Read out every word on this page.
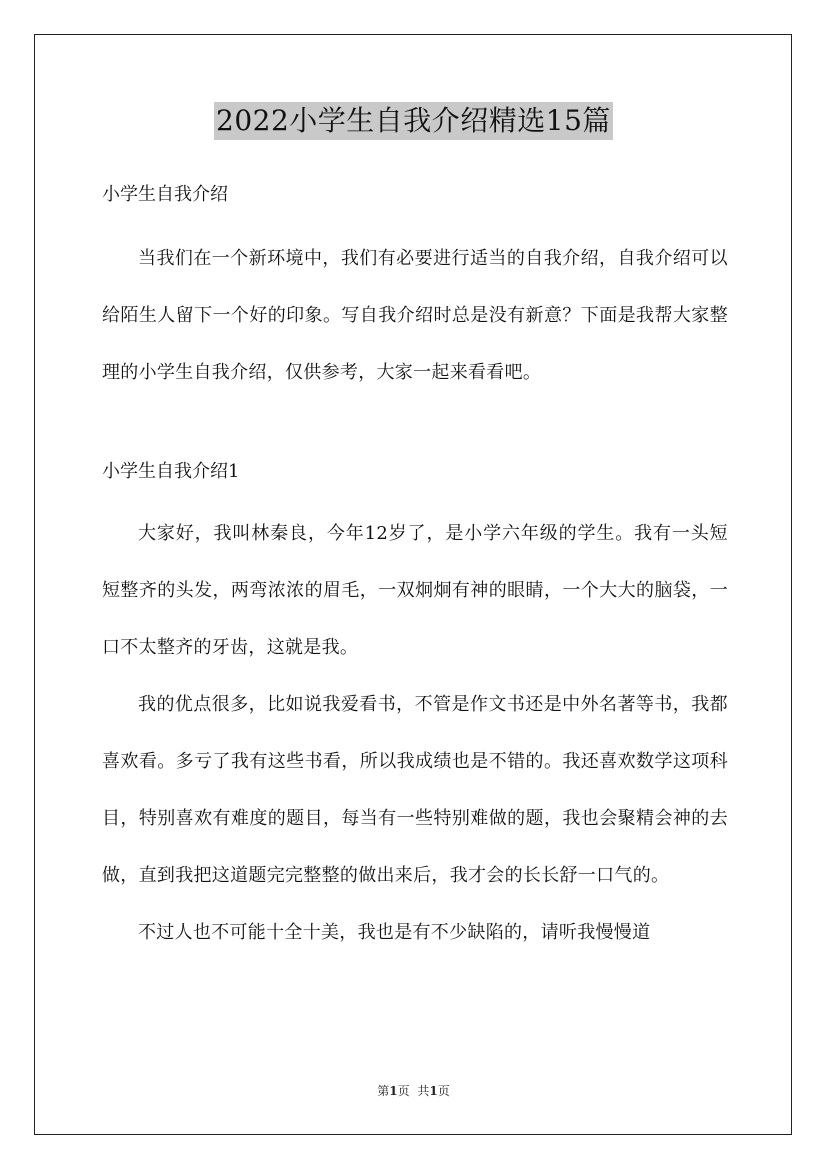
2022小学生自我介绍精选15篇

小学生自我介绍

当我们在一个新环境中，我们有必要进行适当的自我介绍，自我介绍可以给陌生人留下一个好的印象。写自我介绍时总是没有新意？下面是我帮大家整理的小学生自我介绍，仅供参考，大家一起来看看吧。

小学生自我介绍1

大家好，我叫林秦良，今年12岁了，是小学六年级的学生。我有一头短短整齐的头发，两弯浓浓的眉毛，一双炯炯有神的眼睛，一个大大的脑袋，一口不太整齐的牙齿，这就是我。

我的优点很多，比如说我爱看书，不管是作文书还是中外名著等书，我都喜欢看。多亏了我有这些书看，所以我成绩也是不错的。我还喜欢数学这项科目，特别喜欢有难度的题目，每当有一些特别难做的题，我也会聚精会神的去做，直到我把这道题完完整整的做出来后，我才会的长长舒一口气的。

不过人也不可能十全十美，我也是有不少缺陷的，请听我慢慢道

第1页 共1页
